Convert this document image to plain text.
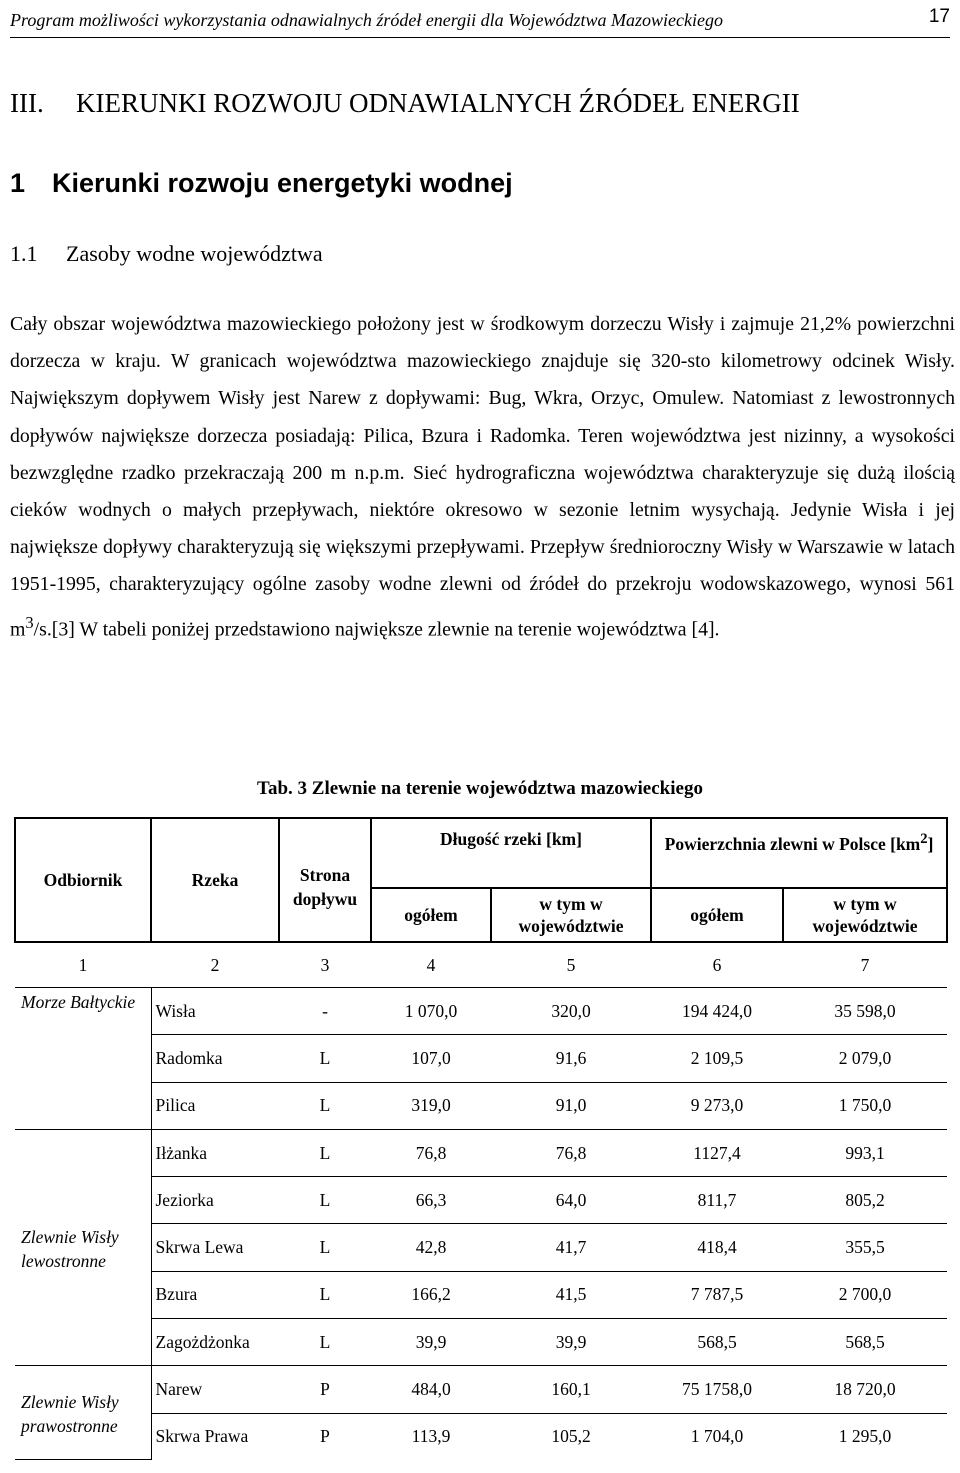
Program możliwości wykorzystania odnawialnych źródeł energii dla Województwa Mazowieckiego	17
III. KIERUNKI ROZWOJU ODNAWIALNYCH ŹRÓDEŁ ENERGII
1 Kierunki rozwoju energetyki wodnej
1.1 Zasoby wodne województwa
Cały obszar województwa mazowieckiego położony jest w środkowym dorzeczu Wisły i zajmuje 21,2% powierzchni dorzecza w kraju. W granicach województwa mazowieckiego znajduje się 320-sto kilometrowy odcinek Wisły. Największym dopływem Wisły jest Narew z dopływami: Bug, Wkra, Orzyc, Omulew. Natomiast z lewostronnych dopływów największe dorzecza posiadają: Pilica, Bzura i Radomka. Teren województwa jest nizinny, a wysokości bezwzględne rzadko przekraczają 200 m n.p.m. Sieć hydrograficzna województwa charakteryzuje się dużą ilością cieków wodnych o małych przepływach, niektóre okresowo w sezonie letnim wysychają. Jedynie Wisła i jej największe dopływy charakteryzują się większymi przepływami. Przepływ średnioroczny Wisły w Warszawie w latach 1951-1995, charakteryzujący ogólne zasoby wodne zlewni od źródeł do przekroju wodowskazowego, wynosi 561 $m^3/s.[3]$ W tabeli poniżej przedstawiono największe zlewnie na terenie województwa [4].
Tab. 3 Zlewnie na terenie województwa mazowieckiego
Odbiornik	Rzeka	Strona dopływu	Długość rzeki [km]		Powierzchnia zlewni w Polsce $[km^2]$	
			ogółem	w tym w województwie	ogółem	w tym w województwie
1	2	3	4	5	6	7
Morze Bałtyckie	Wisła	-	1 070,0	320,0	194 424,0	35 598,0
	Radomka	L	107,0	91,6	2 109,5	2 079,0
	Pilica	L	319,0	91,0	9 273,0	1 750,0
Zlewnie Wisły lewostronne	Iłżanka	L	76,8	76,8	1127,4	993,1
	Jeziorka	L	66,3	64,0	811,7	805,2
	Skrwa Lewa	L	42,8	41,7	418,4	355,5
	Bzura	L	166,2	41,5	7 787,5	2 700,0
	Zagożdżonka	L	39,9	39,9	568,5	568,5
Zlewnie Wisły prawostronne	Narew	P	484,0	160,1	75 1758,0	18 720,0
	Skrwa Prawa	P	113,9	105,2	1 704,0	1 295,0
